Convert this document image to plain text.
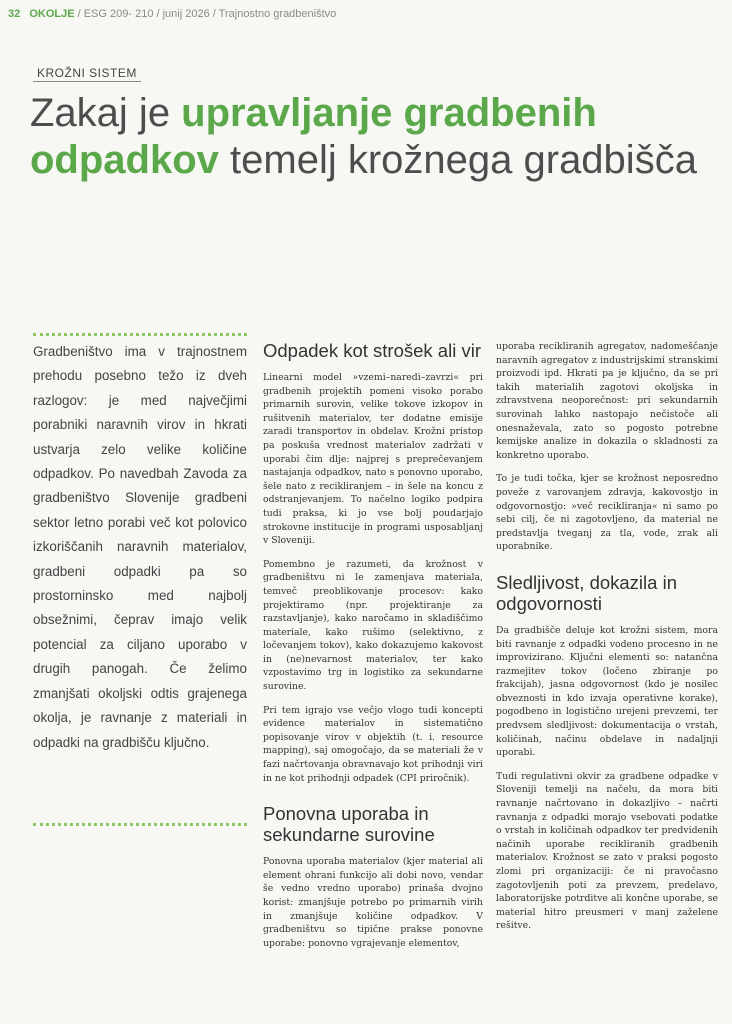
32 OKOLJE / ESG 209- 210 / junij 2026 / Trajnostno gradbeništvo
KROŽNI SISTEM
Zakaj je upravljanje gradbenih odpadkov temelj krožnega gradbišča
Gradbeništvo ima v trajnostnem prehodu posebno težo iz dveh razlogov: je med največjimi porabniki naravnih virov in hkrati ustvarja zelo velike količine odpadkov. Po navedbah Zavoda za gradbeništvo Slovenije gradbeni sektor letno porabi več kot polovico izkoriščanih naravnih materialov, gradbeni odpadki pa so prostorninsko med najbolj obsežnimi, čeprav imajo velik potencial za ciljano uporabo v drugih panogah. Če želimo zmanjšati okoljski odtis grajenega okolja, je ravnanje z materiali in odpadki na gradbišču ključno.
Odpadek kot strošek ali vir

Linearni model »vzemi–naredi–zavrzi« pri gradbenih projektih pomeni visoko porabo primarnih surovin, velike tokove izkopov in rušitvenih materialov, ter dodatne emisije zaradi transportov in obdelav. Krožni pristop pa poskuša vrednost materialov zadržati v uporabi čim dlje: najprej s preprečevanjem nastajanja odpadkov, nato s ponovno uporabo, šele nato z recikliranjem – in šele na koncu z odstranjevanjem. To načelno logiko podpira tudi praksa, ki jo vse bolj poudarjajo strokovne institucije in programi usposabljanj v Sloveniji.

Pomembno je razumeti, da krožnost v gradbeništvu ni le zamenjava materiala, temveč preoblikovanje procesov: kako projektiramo (npr. projektiranje za razstavljanje), kako naročamo in skladiščimo materiale, kako rušimo (selektivno, z ločevanjem tokov), kako dokazujemo kakovost in (ne)nevarnost materialov, ter kako vzpostavimo trg in logistiko za sekundarne surovine.

Pri tem igrajo vse večjo vlogo tudi koncepti evidence materialov in sistematično popisovanje virov v objektih (t. i. resource mapping), saj omogočajo, da se materiali že v fazi načrtovanja obravnavajo kot prihodnji viri in ne kot prihodnji odpadek (CPI priročnik).

Ponovna uporaba in sekundarne surovine

Ponovna uporaba materialov (kjer material ali element ohrani funkcijo ali dobi novo, vendar še vedno vredno uporabo) prinaša dvojno korist: zmanjšuje potrebo po primarnih virih in zmanjšuje količine odpadkov. V gradbeništvu so tipične prakse ponovne uporabe: ponovno vgrajevanje elementov,

uporaba recikliranih agregatov, nadomeščanje naravnih agregatov z industrijskimi stranskimi proizvodi ipd. Hkrati pa je ključno, da se pri takih materialih zagotovi okoljska in zdravstvena neoporečnost: pri sekundarnih surovinah lahko nastopajo nečistoče ali onesnaževala, zato so pogosto potrebne kemijske analize in dokazila o skladnosti za konkretno uporabo.

To je tudi točka, kjer se krožnost neposredno poveže z varovanjem zdravja, kakovostjo in odgovornostjo: »več recikliranja« ni samo po sebi cilj, če ni zagotovljeno, da material ne predstavlja tveganj za tla, vode, zrak ali uporabnike.

Sledljivost, dokazila in odgovornosti

Da gradbišče deluje kot krožni sistem, mora biti ravnanje z odpadki vodeno procesno in ne improvizirano. Ključni elementi so: natančna razmejitev tokov (ločeno zbiranje po frakcijah), jasna odgovornost (kdo je nosilec obveznosti in kdo izvaja operativne korake), pogodbeno in logistično urejeni prevzemi, ter predvsem sledljivost: dokumentacija o vrstah, količinah, načinu obdelave in nadaljnji uporabi.

Tudi regulativni okvir za gradbene odpadke v Sloveniji temelji na načelu, da mora biti ravnanje načrtovano in dokazljivo – načrti ravnanja z odpadki morajo vsebovati podatke o vrstah in količinah odpadkov ter predvidenih načinih uporabe recikliranih gradbenih materialov. Krožnost se zato v praksi pogosto zlomi pri organizaciji: če ni pravočasno zagotovljenih poti za prevzem, predelavo, laboratorijske potrditve ali končne uporabe, se material hitro preusmeri v manj zaželene rešitve.
